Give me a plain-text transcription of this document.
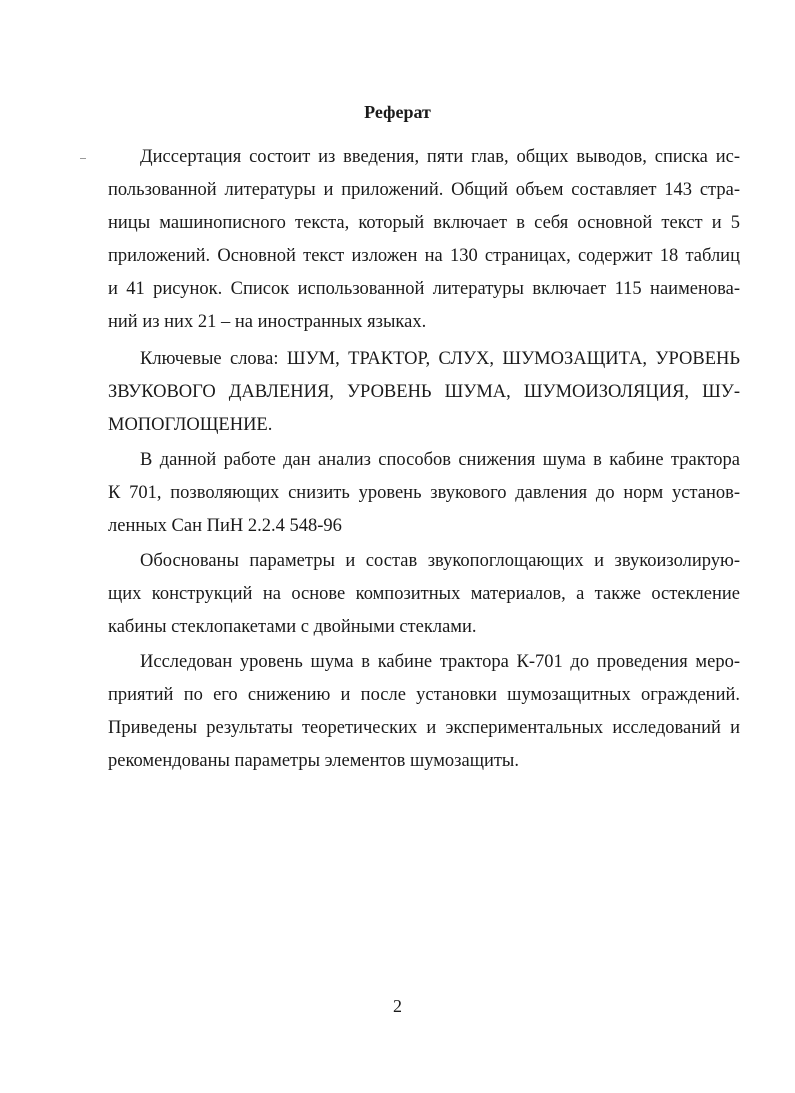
Реферат

Диссертация состоит из введения, пяти глав, общих выводов, списка ис-

пользованной литературы и приложений. Общий объем составляет 143 стра-

ницы машинописного текста, который включает в себя основной текст и 5

приложений. Основной текст изложен на 130 страницах, содержит 18 таблиц

и 41 рисунок. Список использованной литературы включает 115 наименова-

ний из них 21 – на иностранных языках.

Ключевые слова: ШУМ, ТРАКТОР, СЛУХ, ШУМОЗАЩИТА, УРОВЕНЬ

ЗВУКОВОГО ДАВЛЕНИЯ, УРОВЕНЬ ШУМА, ШУМОИЗОЛЯЦИЯ, ШУ-

МОПОГЛОЩЕНИЕ.

В данной работе дан анализ способов снижения шума в кабине трактора

К 701, позволяющих снизить уровень звукового давления до норм установ-

ленных Сан ПиН 2.2.4 548-96

Обоснованы параметры и состав звукопоглощающих и звукоизолирую-

щих конструкций на основе композитных материалов, а также остекление

кабины стеклопакетами с двойными стеклами.

Исследован уровень шума в кабине трактора К-701 до проведения меро-

приятий по его снижению и после установки шумозащитных ограждений.

Приведены результаты теоретических и экспериментальных исследований и

рекомендованы параметры элементов шумозащиты.

2
